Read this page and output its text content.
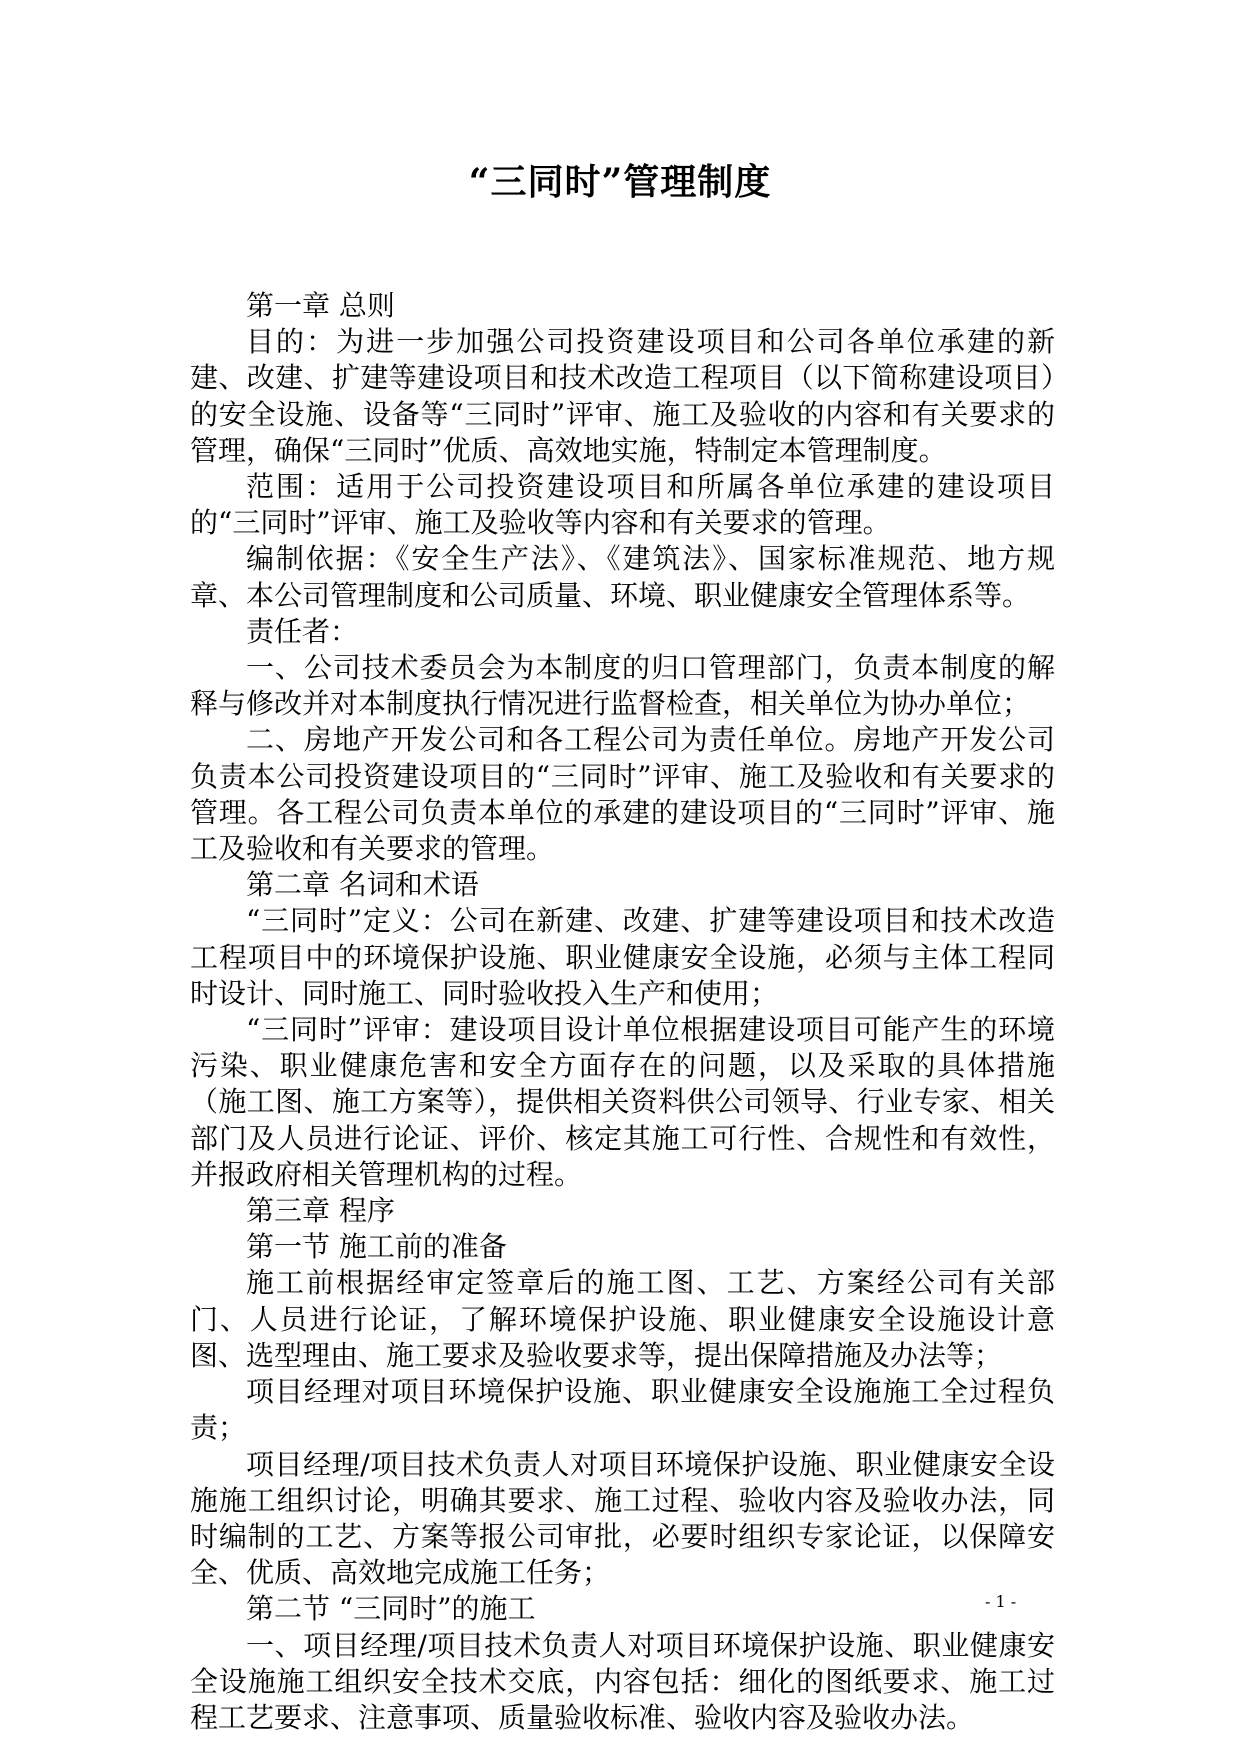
“三同时”管理制度

第一章 总则

目的：为进一步加强公司投资建设项目和公司各单位承建的新建、改建、扩建等建设项目和技术改造工程项目（以下简称建设项目）的安全设施、设备等“三同时”评审、施工及验收的内容和有关要求的管理，确保“三同时”优质、高效地实施，特制定本管理制度。

范围：适用于公司投资建设项目和所属各单位承建的建设项目的“三同时”评审、施工及验收等内容和有关要求的管理。

编制依据：《安全生产法》、《建筑法》、国家标准规范、地方规章、本公司管理制度和公司质量、环境、职业健康安全管理体系等。

责任者：

一、公司技术委员会为本制度的归口管理部门，负责本制度的解释与修改并对本制度执行情况进行监督检查，相关单位为协办单位；

二、房地产开发公司和各工程公司为责任单位。房地产开发公司负责本公司投资建设项目的“三同时”评审、施工及验收和有关要求的管理。各工程公司负责本单位的承建的建设项目的“三同时”评审、施工及验收和有关要求的管理。

第二章 名词和术语

“三同时”定义：公司在新建、改建、扩建等建设项目和技术改造工程项目中的环境保护设施、职业健康安全设施，必须与主体工程同时设计、同时施工、同时验收投入生产和使用；

“三同时”评审：建设项目设计单位根据建设项目可能产生的环境污染、职业健康危害和安全方面存在的问题，以及采取的具体措施（施工图、施工方案等），提供相关资料供公司领导、行业专家、相关部门及人员进行论证、评价、核定其施工可行性、合规性和有效性，并报政府相关管理机构的过程。

第三章 程序

第一节 施工前的准备

施工前根据经审定签章后的施工图、工艺、方案经公司有关部门、人员进行论证，了解环境保护设施、职业健康安全设施设计意图、选型理由、施工要求及验收要求等，提出保障措施及办法等；

项目经理对项目环境保护设施、职业健康安全设施施工全过程负责；

项目经理/项目技术负责人对项目环境保护设施、职业健康安全设施施工组织讨论，明确其要求、施工过程、验收内容及验收办法，同时编制的工艺、方案等报公司审批，必要时组织专家论证，以保障安全、优质、高效地完成施工任务；

第二节 “三同时”的施工

一、项目经理/项目技术负责人对项目环境保护设施、职业健康安全设施施工组织安全技术交底，内容包括：细化的图纸要求、施工过程工艺要求、注意事项、质量验收标准、验收内容及验收办法。

- 1 -
